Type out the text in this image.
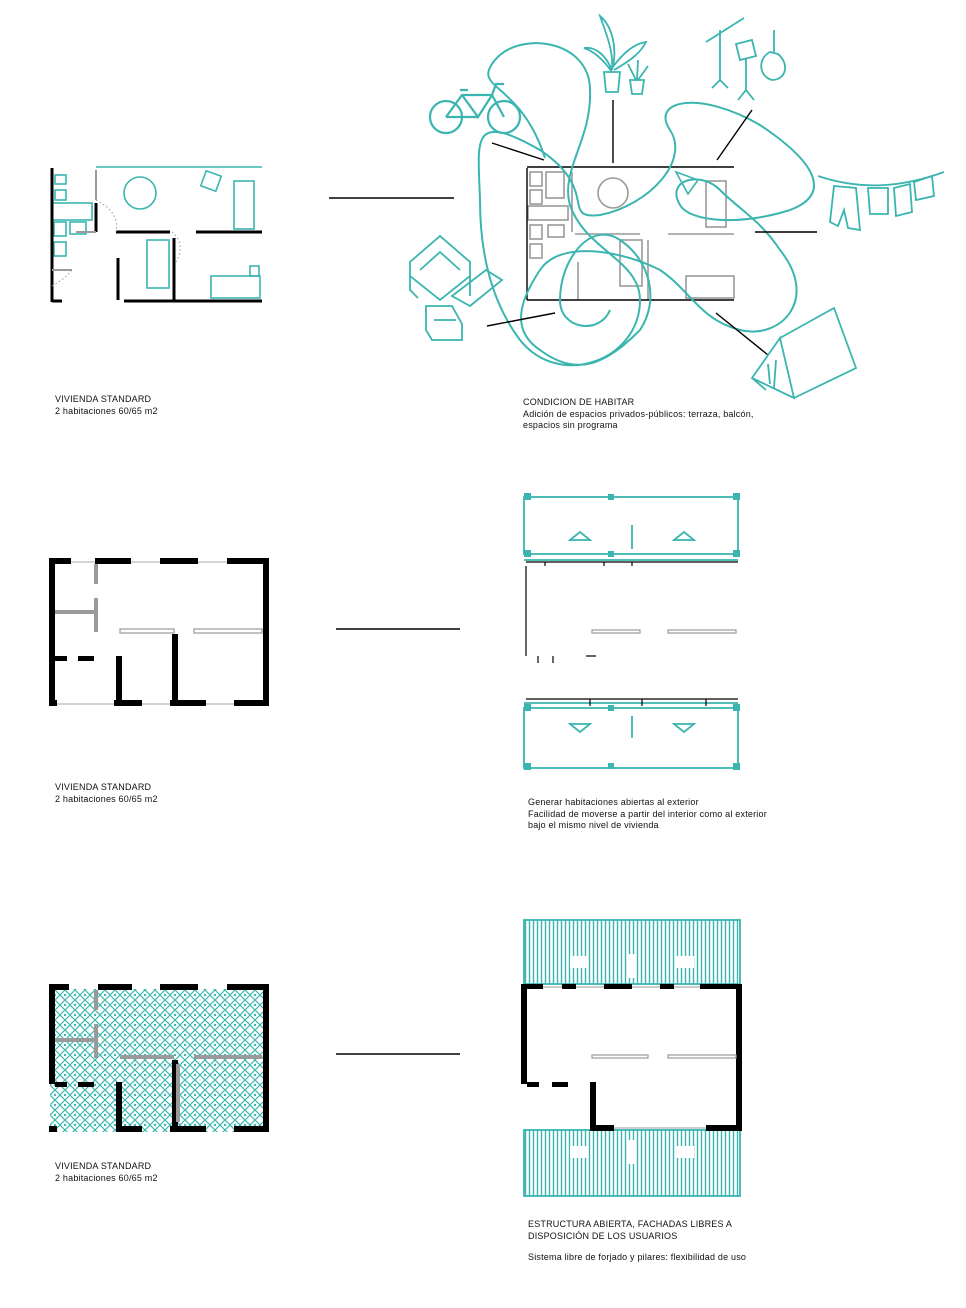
VIVIENDA STANDARD
2 habitaciones 60/65 m2
CONDICION DE HABITAR
Adición de espacios privados-públicos: terraza, balcón,
espacios sin programa
VIVIENDA STANDARD
2 habitaciones 60/65 m2	Generar habitaciones abiertas al exterior
Facilidad de moverse a partir del interior como al exterior
bajo el mismo nivel de vivienda
VIVIENDA STANDARD
2 habitaciones 60/65 m2
ESTRUCTURA ABIERTA, FACHADAS LIBRES A
DISPOSICIÓN DE LOS USUARIOS
Sistema libre de forjado y pilares: flexibilidad de uso
